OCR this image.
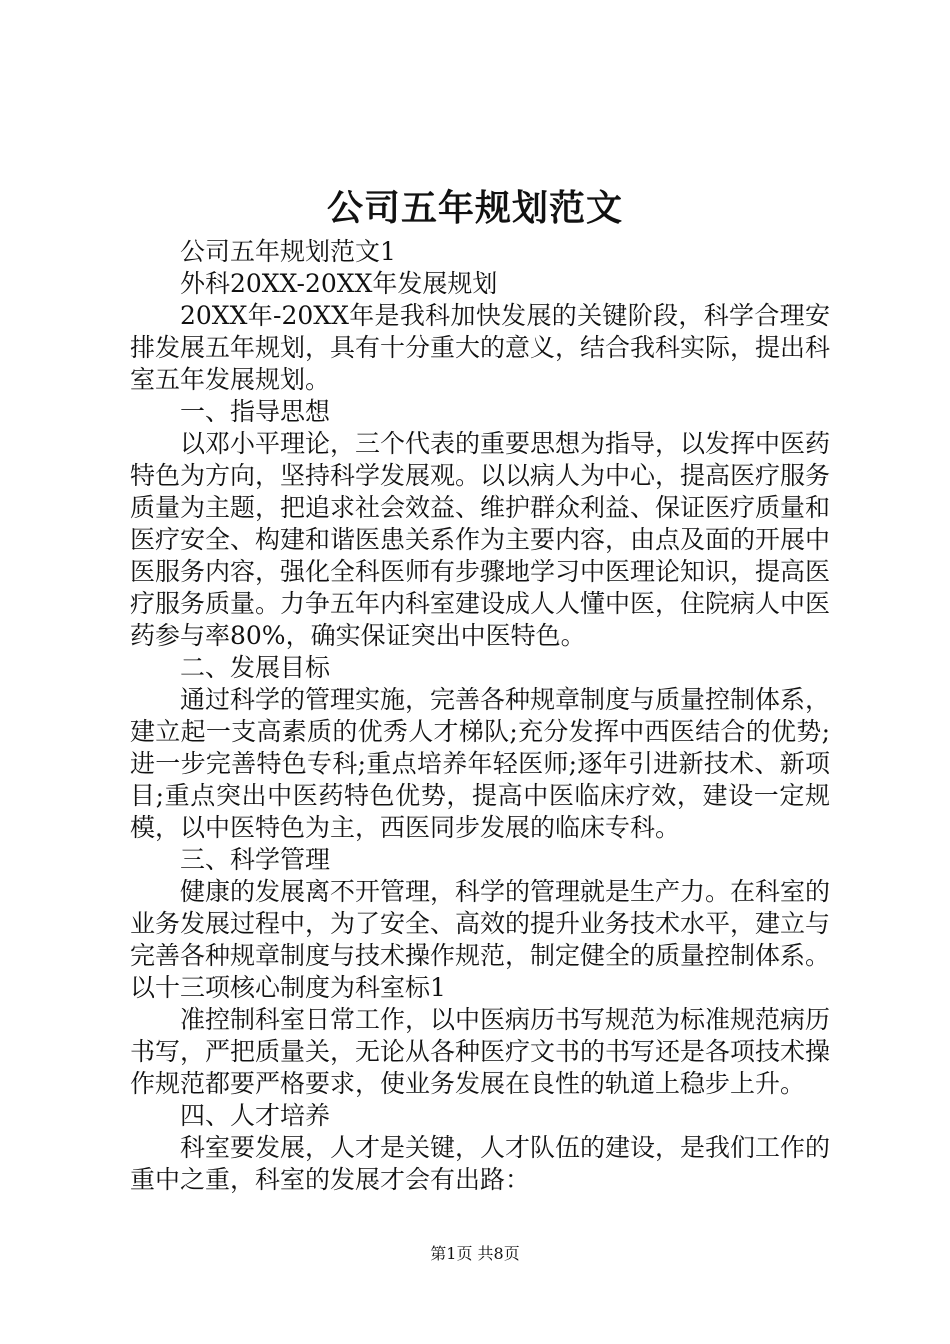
公司五年规划范文

公司五年规划范文1

外科20XX-20XX年发展规划

20XX年-20XX年是我科加快发展的关键阶段，科学合理安排发展五年规划，具有十分重大的意义，结合我科实际，提出科室五年发展规划。

一、指导思想

以邓小平理论，三个代表的重要思想为指导，以发挥中医药特色为方向，坚持科学发展观。以以病人为中心，提高医疗服务质量为主题，把追求社会效益、维护群众利益、保证医疗质量和医疗安全、构建和谐医患关系作为主要内容，由点及面的开展中医服务内容，强化全科医师有步骤地学习中医理论知识，提高医疗服务质量。力争五年内科室建设成人人懂中医，住院病人中医药参与率80%，确实保证突出中医特色。

二、发展目标

通过科学的管理实施，完善各种规章制度与质量控制体系，建立起一支高素质的优秀人才梯队;充分发挥中西医结合的优势;进一步完善特色专科;重点培养年轻医师;逐年引进新技术、新项目;重点突出中医药特色优势，提高中医临床疗效，建设一定规模，以中医特色为主，西医同步发展的临床专科。

三、科学管理

健康的发展离不开管理，科学的管理就是生产力。在科室的业务发展过程中，为了安全、高效的提升业务技术水平，建立与完善各种规章制度与技术操作规范，制定健全的质量控制体系。以十三项核心制度为科室标1

准控制科室日常工作，以中医病历书写规范为标准规范病历书写，严把质量关，无论从各种医疗文书的书写还是各项技术操作规范都要严格要求，使业务发展在良性的轨道上稳步上升。

四、人才培养

科室要发展，人才是关键，人才队伍的建设，是我们工作的重中之重，科室的发展才会有出路：

第1页 共8页
